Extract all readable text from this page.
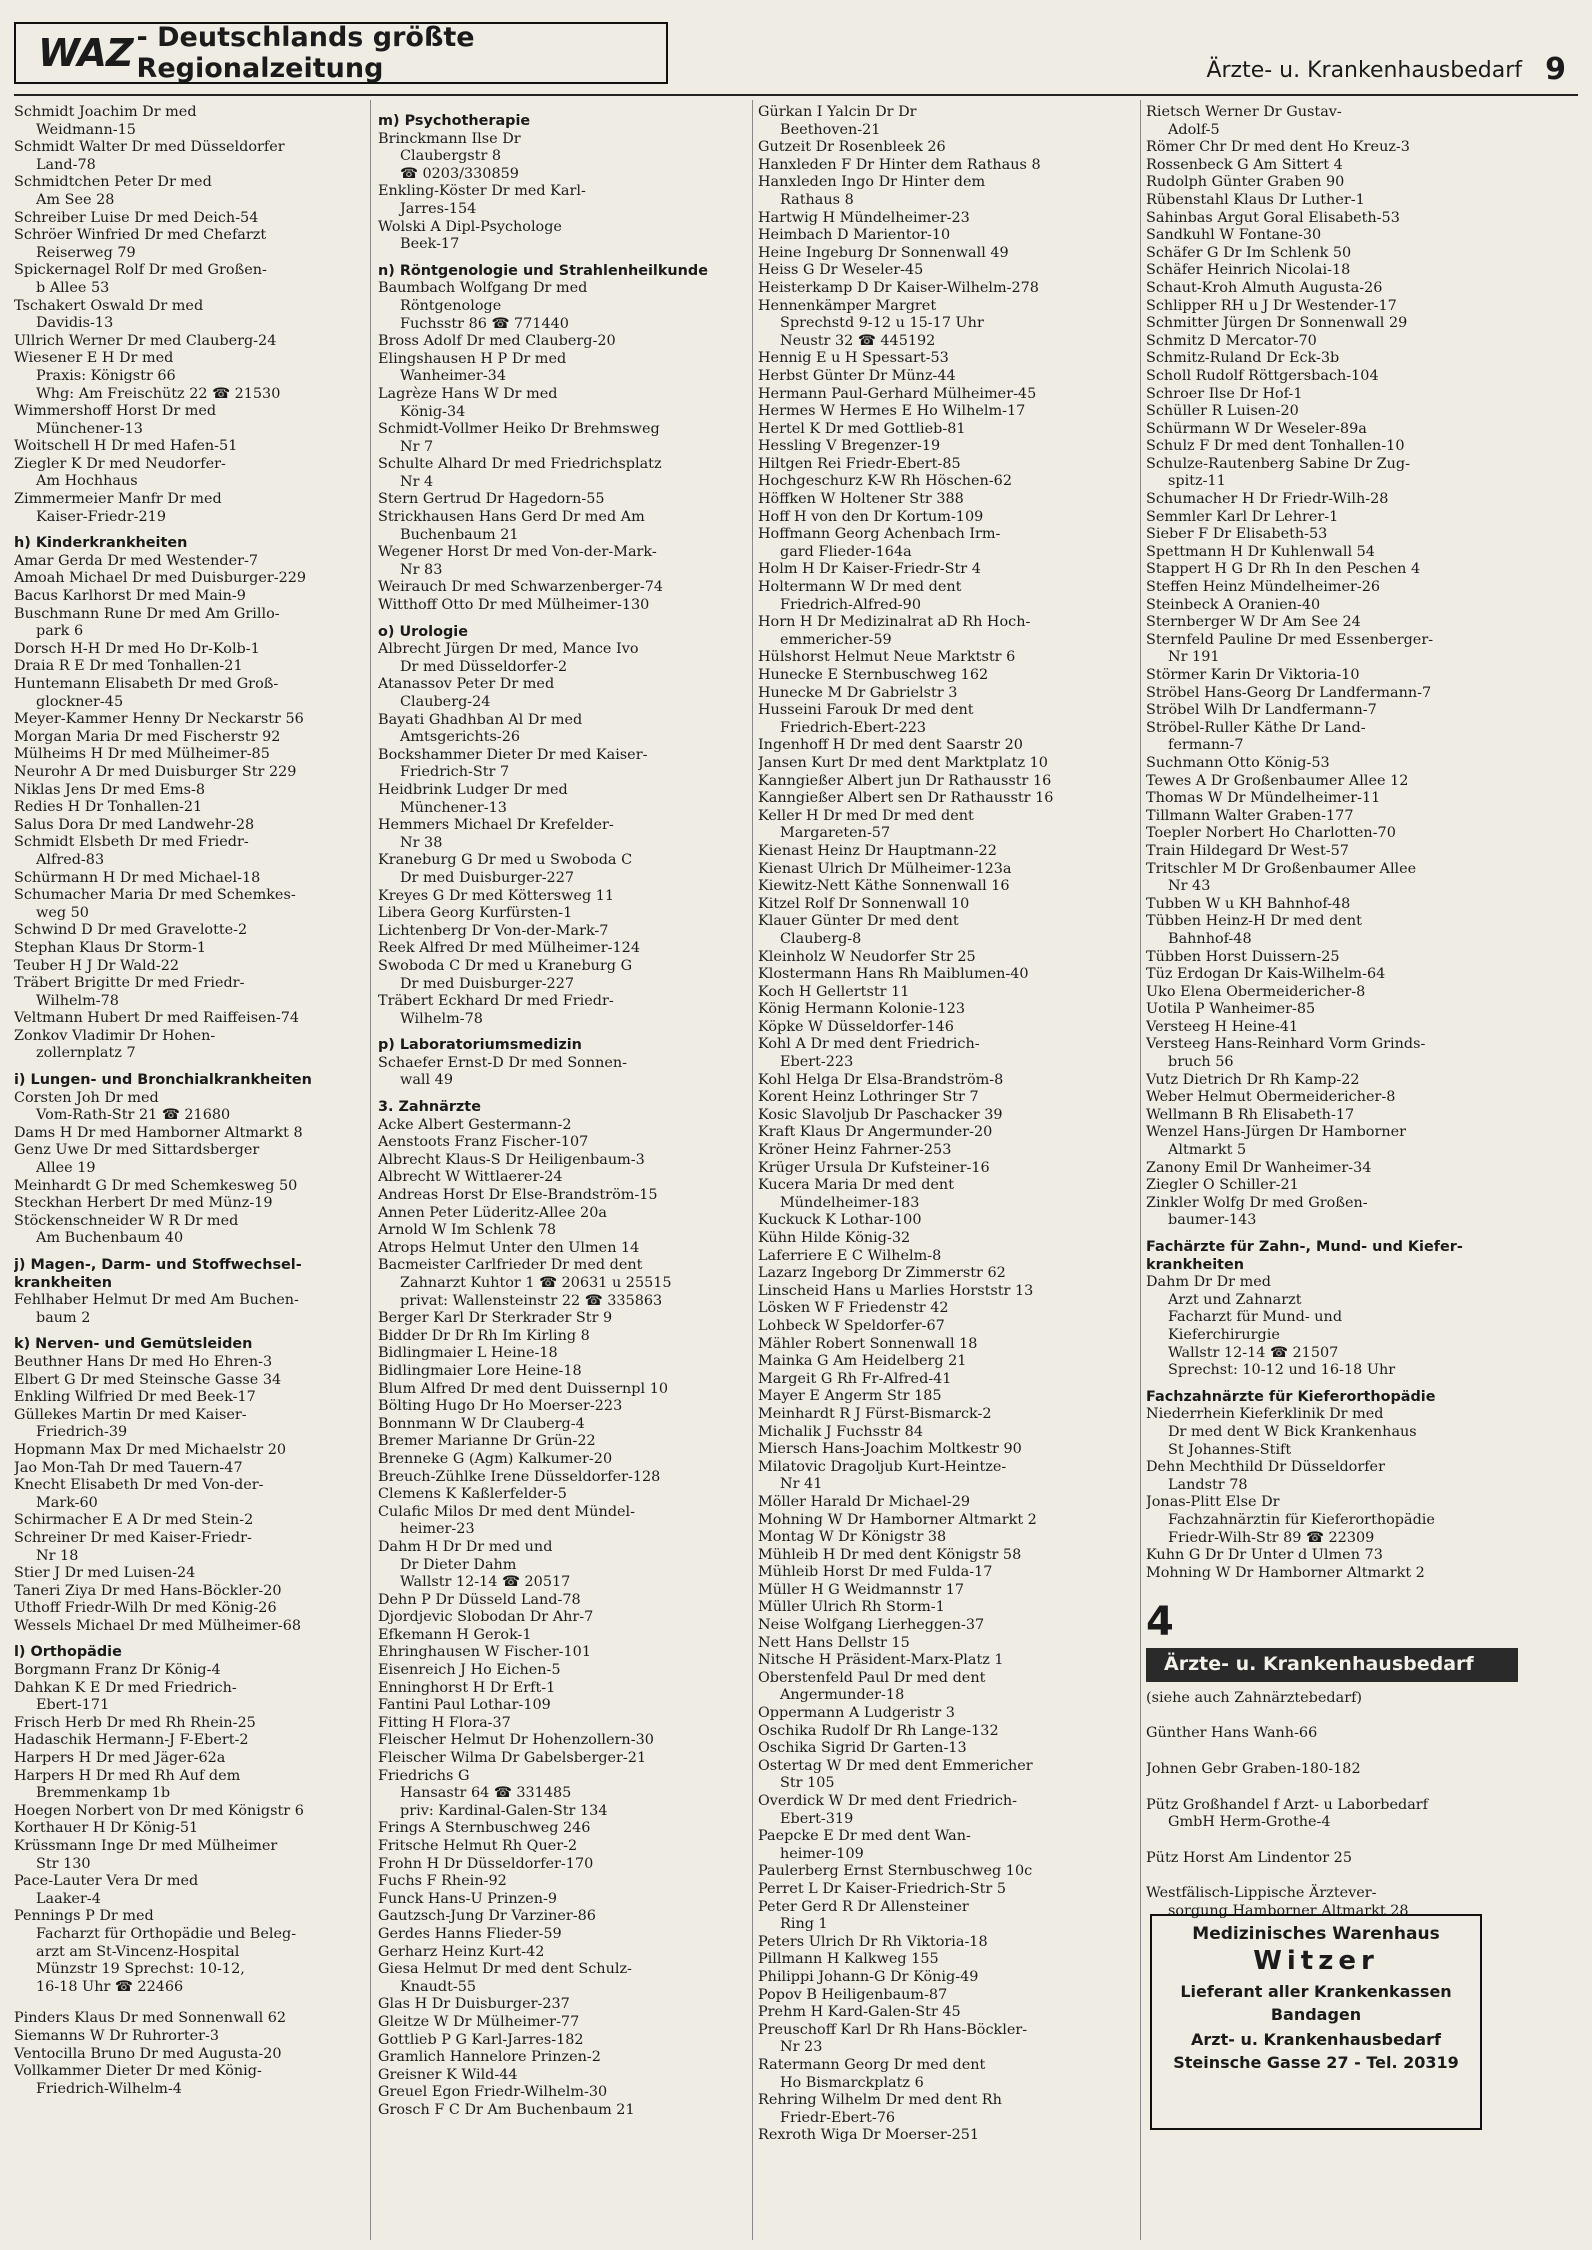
WAZ - Deutschlands größte Regionalzeitung	Ärzte- u. Krankenhausbedarf 9
Schmidt Joachim Dr med
Weidmann-15
Schmidt Walter Dr med Düsseldorfer
Land-78
Schmidtchen Peter Dr med
Am See 28
Schreiber Luise Dr med Deich-54
Schröer Winfried Dr med Chefarzt
Reiserweg 79
Spickernagel Rolf Dr med Großen-
b Allee 53
Tschakert Oswald Dr med
Davidis-13
Ullrich Werner Dr med Clauberg-24
Wiesener E H Dr med
Praxis: Königstr 66
Whg: Am Freischütz 22 ☎ 21530
Wimmershoff Horst Dr med
Münchener-13
Woitschell H Dr med Hafen-51
Ziegler K Dr med Neudorfer-
Am Hochhaus
Zimmermeier Manfr Dr med
Kaiser-Friedr-219
h) Kinderkrankheiten
Amar Gerda Dr med Westender-7
Amoah Michael Dr med Duisburger-229
Bacus Karlhorst Dr med Main-9
Buschmann Rune Dr med Am Grillo-
park 6
Dorsch H-H Dr med Ho Dr-Kolb-1
Draia R E Dr med Tonhallen-21
Huntemann Elisabeth Dr med Groß-
glockner-45
Meyer-Kammer Henny Dr Neckarstr 56
Morgan Maria Dr med Fischerstr 92
Mülheims H Dr med Mülheimer-85
Neurohr A Dr med Duisburger Str 229
Niklas Jens Dr med Ems-8
Redies H Dr Tonhallen-21
Salus Dora Dr med Landwehr-28
Schmidt Elsbeth Dr med Friedr-
Alfred-83
Schürmann H Dr med Michael-18
Schumacher Maria Dr med Schemkes-
weg 50
Schwind D Dr med Gravelotte-2
Stephan Klaus Dr Storm-1
Teuber H J Dr Wald-22
Träbert Brigitte Dr med Friedr-
Wilhelm-78
Veltmann Hubert Dr med Raiffeisen-74
Zonkov Vladimir Dr Hohen-
zollernplatz 7
i) Lungen- und Bronchialkrankheiten
Corsten Joh Dr med
Vom-Rath-Str 21 ☎ 21680
Dams H Dr med Hamborner Altmarkt 8
Genz Uwe Dr med Sittardsberger
Allee 19
Meinhardt G Dr med Schemkesweg 50
Steckhan Herbert Dr med Münz-19
Stöckenschneider W R Dr med
Am Buchenbaum 40
j) Magen-, Darm- und Stoffwechsel-
krankheiten
Fehlhaber Helmut Dr med Am Buchen-
baum 2
k) Nerven- und Gemütsleiden
Beuthner Hans Dr med Ho Ehren-3
Elbert G Dr med Steinsche Gasse 34
Enkling Wilfried Dr med Beek-17
Güllekes Martin Dr med Kaiser-
Friedrich-39
Hopmann Max Dr med Michaelstr 20
Jao Mon-Tah Dr med Tauern-47
Knecht Elisabeth Dr med Von-der-
Mark-60
Schirmacher E A Dr med Stein-2
Schreiner Dr med Kaiser-Friedr-
Nr 18
Stier J Dr med Luisen-24
Taneri Ziya Dr med Hans-Böckler-20
Uthoff Friedr-Wilh Dr med König-26
Wessels Michael Dr med Mülheimer-68
l) Orthopädie
Borgmann Franz Dr König-4
Dahkan K E Dr med Friedrich-
Ebert-171
Frisch Herb Dr med Rh Rhein-25
Hadaschik Hermann-J F-Ebert-2
Harpers H Dr med Jäger-62a
Harpers H Dr med Rh Auf dem
Bremmenkamp 1b
Hoegen Norbert von Dr med Königstr 6
Korthauer H Dr König-51
Krüssmann Inge Dr med Mülheimer
Str 130
Pace-Lauter Vera Dr med
Laaker-4
Pennings P Dr med
Facharzt für Orthopädie und Beleg-
arzt am St-Vincenz-Hospital
Münzstr 19 Sprechst: 10-12,
16-18 Uhr ☎ 22466
Pinders Klaus Dr med Sonnenwall 62
Siemanns W Dr Ruhrorter-3
Ventocilla Bruno Dr med Augusta-20
Vollkammer Dieter Dr med König-
Friedrich-Wilhelm-4
m) Psychotherapie
Brinckmann Ilse Dr
Claubergstr 8
☎ 0203/330859
Enkling-Köster Dr med Karl-
Jarres-154
Wolski A Dipl-Psychologe
Beek-17
n) Röntgenologie und Strahlenheilkunde
Baumbach Wolfgang Dr med
Röntgenologe
Fuchsstr 86 ☎ 771440
Bross Adolf Dr med Clauberg-20
Elingshausen H P Dr med
Wanheimer-34
Lagrèze Hans W Dr med
König-34
Schmidt-Vollmer Heiko Dr Brehmsweg
Nr 7
Schulte Alhard Dr med Friedrichsplatz
Nr 4
Stern Gertrud Dr Hagedorn-55
Strickhausen Hans Gerd Dr med Am
Buchenbaum 21
Wegener Horst Dr med Von-der-Mark-
Nr 83
Weirauch Dr med Schwarzenberger-74
Witthoff Otto Dr med Mülheimer-130
o) Urologie
Albrecht Jürgen Dr med, Mance Ivo
Dr med Düsseldorfer-2
Atanassov Peter Dr med
Clauberg-24
Bayati Ghadhban Al Dr med
Amtsgerichts-26
Bockshammer Dieter Dr med Kaiser-
Friedrich-Str 7
Heidbrink Ludger Dr med
Münchener-13
Hemmers Michael Dr Krefelder-
Nr 38
Kraneburg G Dr med u Swoboda C
Dr med Duisburger-227
Kreyes G Dr med Köttersweg 11
Libera Georg Kurfürsten-1
Lichtenberg Dr Von-der-Mark-7
Reek Alfred Dr med Mülheimer-124
Swoboda C Dr med u Kraneburg G
Dr med Duisburger-227
Träbert Eckhard Dr med Friedr-
Wilhelm-78
p) Laboratoriumsmedizin
Schaefer Ernst-D Dr med Sonnen-
wall 49
3. Zahnärzte
Acke Albert Gestermann-2
Aenstoots Franz Fischer-107
Albrecht Klaus-S Dr Heiligenbaum-3
Albrecht W Wittlaerer-24
Andreas Horst Dr Else-Brandström-15
Annen Peter Lüderitz-Allee 20a
Arnold W Im Schlenk 78
Atrops Helmut Unter den Ulmen 14
Bacmeister Carlfrieder Dr med dent
Zahnarzt Kuhtor 1 ☎ 20631 u 25515
privat: Wallensteinstr 22 ☎ 335863
Berger Karl Dr Sterkrader Str 9
Bidder Dr Dr Rh Im Kirling 8
Bidlingmaier L Heine-18
Bidlingmaier Lore Heine-18
Blum Alfred Dr med dent Duissernpl 10
Bölting Hugo Dr Ho Moerser-223
Bonnmann W Dr Clauberg-4
Bremer Marianne Dr Grün-22
Brenneke G (Agm) Kalkumer-20
Breuch-Zühlke Irene Düsseldorfer-128
Clemens K Kaßlerfelder-5
Culafic Milos Dr med dent Mündel-
heimer-23
Dahm H Dr Dr med und
Dr Dieter Dahm
Wallstr 12-14 ☎ 20517
Dehn P Dr Düsseld Land-78
Djordjevic Slobodan Dr Ahr-7
Efkemann H Gerok-1
Ehringhausen W Fischer-101
Eisenreich J Ho Eichen-5
Enninghorst H Dr Erft-1
Fantini Paul Lothar-109
Fitting H Flora-37
Fleischer Helmut Dr Hohenzollern-30
Fleischer Wilma Dr Gabelsberger-21
Friedrichs G
Hansastr 64 ☎ 331485
priv: Kardinal-Galen-Str 134
Frings A Sternbuschweg 246
Fritsche Helmut Rh Quer-2
Frohn H Dr Düsseldorfer-170
Fuchs F Rhein-92
Funck Hans-U Prinzen-9
Gautzsch-Jung Dr Varziner-86
Gerdes Hanns Flieder-59
Gerharz Heinz Kurt-42
Giesa Helmut Dr med dent Schulz-
Knaudt-55
Glas H Dr Duisburger-237
Gleitze W Dr Mülheimer-77
Gottlieb P G Karl-Jarres-182
Gramlich Hannelore Prinzen-2
Greisner K Wild-44
Greuel Egon Friedr-Wilhelm-30
Grosch F C Dr Am Buchenbaum 21
Gürkan I Yalcin Dr Dr
Beethoven-21
Gutzeit Dr Rosenbleek 26
Hanxleden F Dr Hinter dem Rathaus 8
Hanxleden Ingo Dr Hinter dem
Rathaus 8
Hartwig H Mündelheimer-23
Heimbach D Marientor-10
Heine Ingeburg Dr Sonnenwall 49
Heiss G Dr Weseler-45
Heisterkamp D Dr Kaiser-Wilhelm-278
Hennenkämper Margret
Sprechstd 9-12 u 15-17 Uhr
Neustr 32 ☎ 445192
Hennig E u H Spessart-53
Herbst Günter Dr Münz-44
Hermann Paul-Gerhard Mülheimer-45
Hermes W Hermes E Ho Wilhelm-17
Hertel K Dr med Gottlieb-81
Hessling V Bregenzer-19
Hiltgen Rei Friedr-Ebert-85
Hochgeschurz K-W Rh Höschen-62
Höffken W Holtener Str 388
Hoff H von den Dr Kortum-109
Hoffmann Georg Achenbach Irm-
gard Flieder-164a
Holm H Dr Kaiser-Friedr-Str 4
Holtermann W Dr med dent
Friedrich-Alfred-90
Horn H Dr Medizinalrat aD Rh Hoch-
emmericher-59
Hülshorst Helmut Neue Marktstr 6
Hunecke E Sternbuschweg 162
Hunecke M Dr Gabrielstr 3
Husseini Farouk Dr med dent
Friedrich-Ebert-223
Ingenhoff H Dr med dent Saarstr 20
Jansen Kurt Dr med dent Marktplatz 10
Kanngießer Albert jun Dr Rathausstr 16
Kanngießer Albert sen Dr Rathausstr 16
Keller H Dr med Dr med dent
Margareten-57
Kienast Heinz Dr Hauptmann-22
Kienast Ulrich Dr Mülheimer-123a
Kiewitz-Nett Käthe Sonnenwall 16
Kitzel Rolf Dr Sonnenwall 10
Klauer Günter Dr med dent
Clauberg-8
Kleinholz W Neudorfer Str 25
Klostermann Hans Rh Maiblumen-40
Koch H Gellertstr 11
König Hermann Kolonie-123
Köpke W Düsseldorfer-146
Kohl A Dr med dent Friedrich-
Ebert-223
Kohl Helga Dr Elsa-Brandström-8
Korent Heinz Lothringer Str 7
Kosic Slavoljub Dr Paschacker 39
Kraft Klaus Dr Angermunder-20
Kröner Heinz Fahrner-253
Krüger Ursula Dr Kufsteiner-16
Kucera Maria Dr med dent
Mündelheimer-183
Kuckuck K Lothar-100
Kühn Hilde König-32
Laferriere E C Wilhelm-8
Lazarz Ingeborg Dr Zimmerstr 62
Linscheid Hans u Marlies Horststr 13
Lösken W F Friedenstr 42
Lohbeck W Speldorfer-67
Mähler Robert Sonnenwall 18
Mainka G Am Heidelberg 21
Margeit G Rh Fr-Alfred-41
Mayer E Angerm Str 185
Meinhardt R J Fürst-Bismarck-2
Michalik J Fuchsstr 84
Miersch Hans-Joachim Moltkestr 90
Milatovic Dragoljub Kurt-Heintze-
Nr 41
Möller Harald Dr Michael-29
Mohning W Dr Hamborner Altmarkt 2
Montag W Dr Königstr 38
Mühleib H Dr med dent Königstr 58
Mühleib Horst Dr med Fulda-17
Müller H G Weidmannstr 17
Müller Ulrich Rh Storm-1
Neise Wolfgang Lierheggen-37
Nett Hans Dellstr 15
Nitsche H Präsident-Marx-Platz 1
Oberstenfeld Paul Dr med dent
Angermunder-18
Oppermann A Ludgeristr 3
Oschika Rudolf Dr Rh Lange-132
Oschika Sigrid Dr Garten-13
Ostertag W Dr med dent Emmericher
Str 105
Overdick W Dr med dent Friedrich-
Ebert-319
Paepcke E Dr med dent Wan-
heimer-109
Paulerberg Ernst Sternbuschweg 10c
Perret L Dr Kaiser-Friedrich-Str 5
Peter Gerd R Dr Allensteiner
Ring 1
Peters Ulrich Dr Rh Viktoria-18
Pillmann H Kalkweg 155
Philippi Johann-G Dr König-49
Popov B Heiligenbaum-87
Prehm H Kard-Galen-Str 45
Preuschoff Karl Dr Rh Hans-Böckler-
Nr 23
Ratermann Georg Dr med dent
Ho Bismarckplatz 6
Rehring Wilhelm Dr med dent Rh
Friedr-Ebert-76
Rexroth Wiga Dr Moerser-251
Rietsch Werner Dr Gustav-
Adolf-5
Römer Chr Dr med dent Ho Kreuz-3
Rossenbeck G Am Sittert 4
Rudolph Günter Graben 90
Rübenstahl Klaus Dr Luther-1
Sahinbas Argut Goral Elisabeth-53
Sandkuhl W Fontane-30
Schäfer G Dr Im Schlenk 50
Schäfer Heinrich Nicolai-18
Schaut-Kroh Almuth Augusta-26
Schlipper RH u J Dr Westender-17
Schmitter Jürgen Dr Sonnenwall 29
Schmitz D Mercator-70
Schmitz-Ruland Dr Eck-3b
Scholl Rudolf Röttgersbach-104
Schroer Ilse Dr Hof-1
Schüller R Luisen-20
Schürmann W Dr Weseler-89a
Schulz F Dr med dent Tonhallen-10
Schulze-Rautenberg Sabine Dr Zug-
spitz-11
Schumacher H Dr Friedr-Wilh-28
Semmler Karl Dr Lehrer-1
Sieber F Dr Elisabeth-53
Spettmann H Dr Kuhlenwall 54
Stappert H G Dr Rh In den Peschen 4
Steffen Heinz Mündelheimer-26
Steinbeck A Oranien-40
Sternberger W Dr Am See 24
Sternfeld Pauline Dr med Essenberger-
Nr 191
Störmer Karin Dr Viktoria-10
Ströbel Hans-Georg Dr Landfermann-7
Ströbel Wilh Dr Landfermann-7
Ströbel-Ruller Käthe Dr Land-
fermann-7
Suchmann Otto König-53
Tewes A Dr Großenbaumer Allee 12
Thomas W Dr Mündelheimer-11
Tillmann Walter Graben-177
Toepler Norbert Ho Charlotten-70
Train Hildegard Dr West-57
Tritschler M Dr Großenbaumer Allee
Nr 43
Tubben W u KH Bahnhof-48
Tübben Heinz-H Dr med dent
Bahnhof-48
Tübben Horst Duissern-25
Tüz Erdogan Dr Kais-Wilhelm-64
Uko Elena Obermeidericher-8
Uotila P Wanheimer-85
Versteeg H Heine-41
Versteeg Hans-Reinhard Vorm Grinds-
bruch 56
Vutz Dietrich Dr Rh Kamp-22
Weber Helmut Obermeidericher-8
Wellmann B Rh Elisabeth-17
Wenzel Hans-Jürgen Dr Hamborner
Altmarkt 5
Zanony Emil Dr Wanheimer-34
Ziegler O Schiller-21
Zinkler Wolfg Dr med Großen-
baumer-143
Fachärzte für Zahn-, Mund- und Kiefer-
krankheiten
Dahm Dr Dr med
Arzt und Zahnarzt
Facharzt für Mund- und
Kieferchirurgie
Wallstr 12-14 ☎ 21507
Sprechst: 10-12 und 16-18 Uhr
Fachzahnärzte für Kieferorthopädie
Niederrhein Kieferklinik Dr med
Dr med dent W Bick Krankenhaus
St Johannes-Stift
Dehn Mechthild Dr Düsseldorfer
Landstr 78
Jonas-Plitt Else Dr
Fachzahnärztin für Kieferorthopädie
Friedr-Wilh-Str 89 ☎ 22309
Kuhn G Dr Dr Unter d Ulmen 73
Mohning W Dr Hamborner Altmarkt 2
4
Ärzte- u. Krankenhausbedarf
(siehe auch Zahnärztebedarf)
Günther Hans Wanh-66
Johnen Gebr Graben-180-182
Pütz Großhandel f Arzt- u Laborbedarf
GmbH Herm-Grothe-4
Pütz Horst Am Lindentor 25
Westfälisch-Lippische Ärztever-
sorgung Hamborner Altmarkt 28
Medizinisches Warenhaus
Witzer
Lieferant aller Krankenkassen
Bandagen
Arzt- u. Krankenhausbedarf
Steinsche Gasse 27 - Tel. 20319
